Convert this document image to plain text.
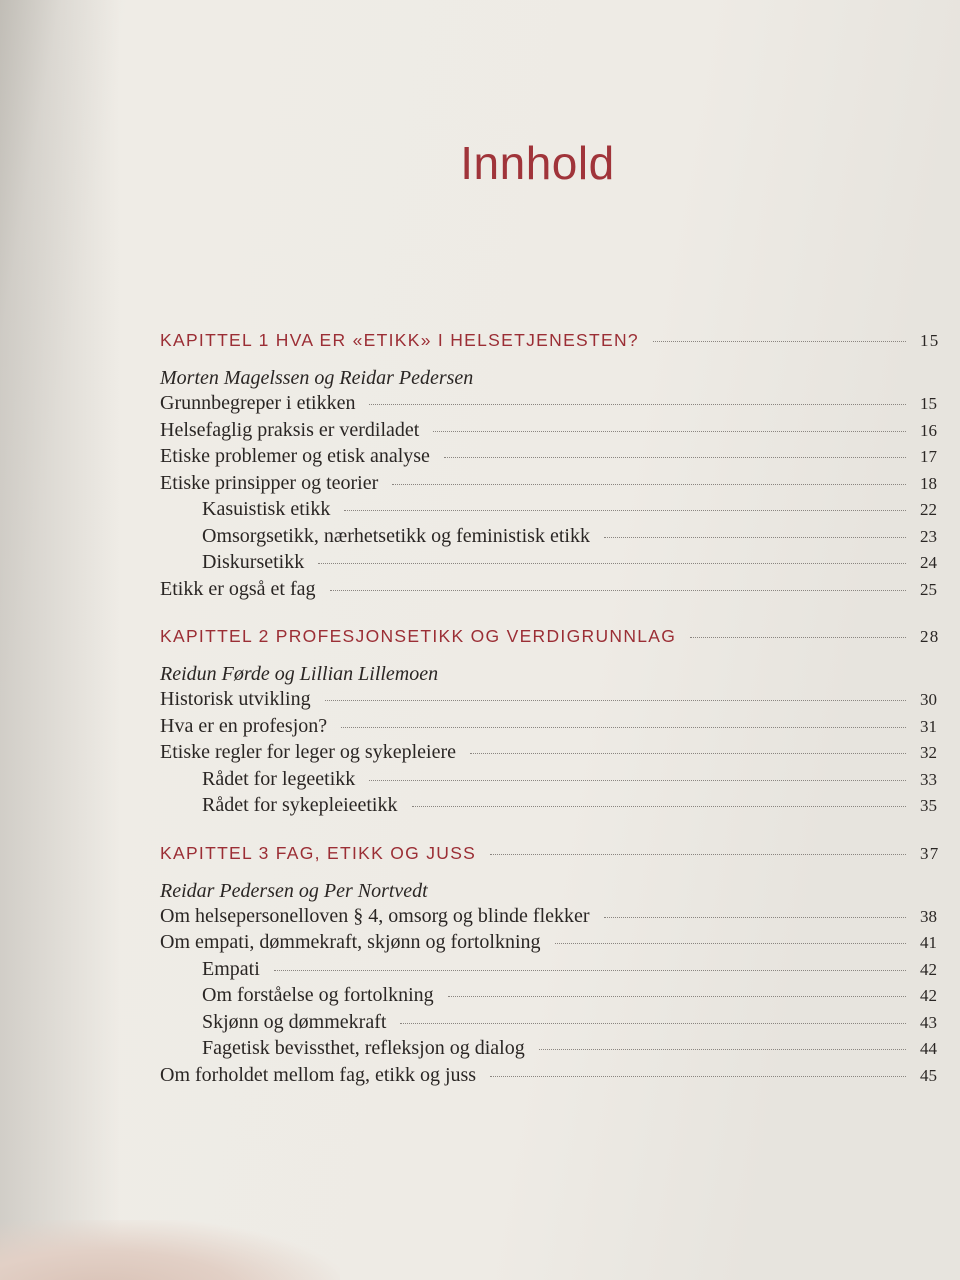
Innhold
KAPITTEL 1 HVA ER «ETIKK» I HELSETJENESTEN?	15
Morten Magelssen og Reidar Pedersen
Grunnbegreper i etikken	15
Helsefaglig praksis er verdiladet	16
Etiske problemer og etisk analyse	17
Etiske prinsipper og teorier	18
Kasuistisk etikk	22
Omsorgsetikk, nærhetsetikk og feministisk etikk	23
Diskursetikk	24
Etikk er også et fag	25
KAPITTEL 2 PROFESJONSETIKK OG VERDIGRUNNLAG	28
Reidun Førde og Lillian Lillemoen
Historisk utvikling	30
Hva er en profesjon?	31
Etiske regler for leger og sykepleiere	32
Rådet for legeetikk	33
Rådet for sykepleieetikk	35
KAPITTEL 3 FAG, ETIKK OG JUSS	37
Reidar Pedersen og Per Nortvedt
Om helsepersonelloven § 4, omsorg og blinde flekker	38
Om empati, dømmekraft, skjønn og fortolkning	41
Empati	42
Om forståelse og fortolkning	42
Skjønn og dømmekraft	43
Fagetisk bevissthet, refleksjon og dialog	44
Om forholdet mellom fag, etikk og juss	45
